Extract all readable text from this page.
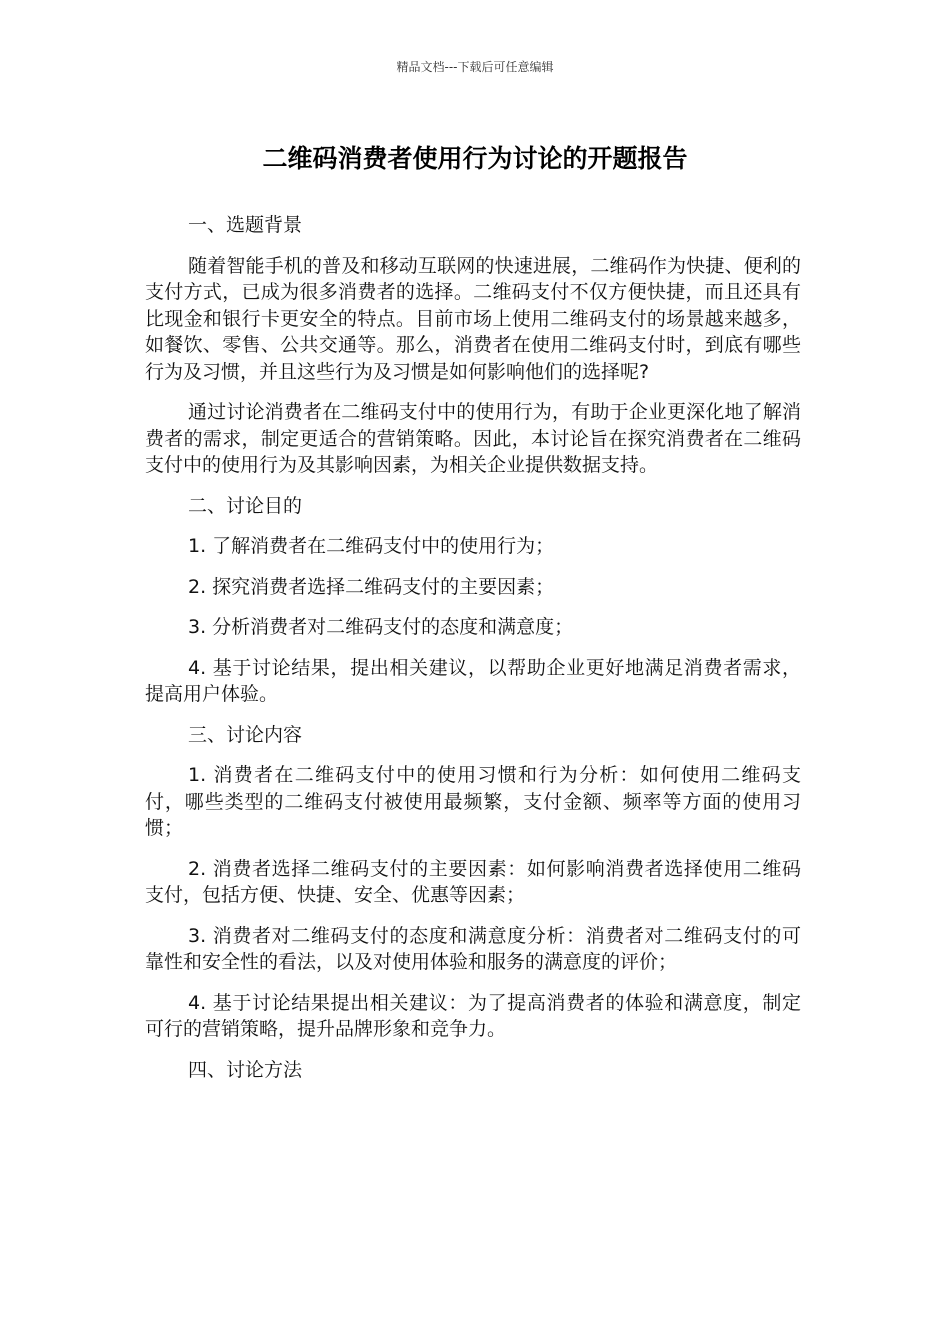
精品文档---下载后可任意编辑
二维码消费者使用行为讨论的开题报告

一、选题背景

随着智能手机的普及和移动互联网的快速进展，二维码作为快捷、便利的支付方式，已成为很多消费者的选择。二维码支付不仅方便快捷，而且还具有比现金和银行卡更安全的特点。目前市场上使用二维码支付的场景越来越多，如餐饮、零售、公共交通等。那么，消费者在使用二维码支付时，到底有哪些行为及习惯，并且这些行为及习惯是如何影响他们的选择呢?

通过讨论消费者在二维码支付中的使用行为，有助于企业更深化地了解消费者的需求，制定更适合的营销策略。因此，本讨论旨在探究消费者在二维码支付中的使用行为及其影响因素，为相关企业提供数据支持。

二、讨论目的

1. 了解消费者在二维码支付中的使用行为；

2. 探究消费者选择二维码支付的主要因素；

3. 分析消费者对二维码支付的态度和满意度；

4. 基于讨论结果，提出相关建议，以帮助企业更好地满足消费者需求，提高用户体验。

三、讨论内容

1. 消费者在二维码支付中的使用习惯和行为分析：如何使用二维码支付，哪些类型的二维码支付被使用最频繁，支付金额、频率等方面的使用习惯；

2. 消费者选择二维码支付的主要因素：如何影响消费者选择使用二维码支付，包括方便、快捷、安全、优惠等因素；

3. 消费者对二维码支付的态度和满意度分析：消费者对二维码支付的可靠性和安全性的看法，以及对使用体验和服务的满意度的评价；

4. 基于讨论结果提出相关建议：为了提高消费者的体验和满意度，制定可行的营销策略，提升品牌形象和竞争力。

四、讨论方法
